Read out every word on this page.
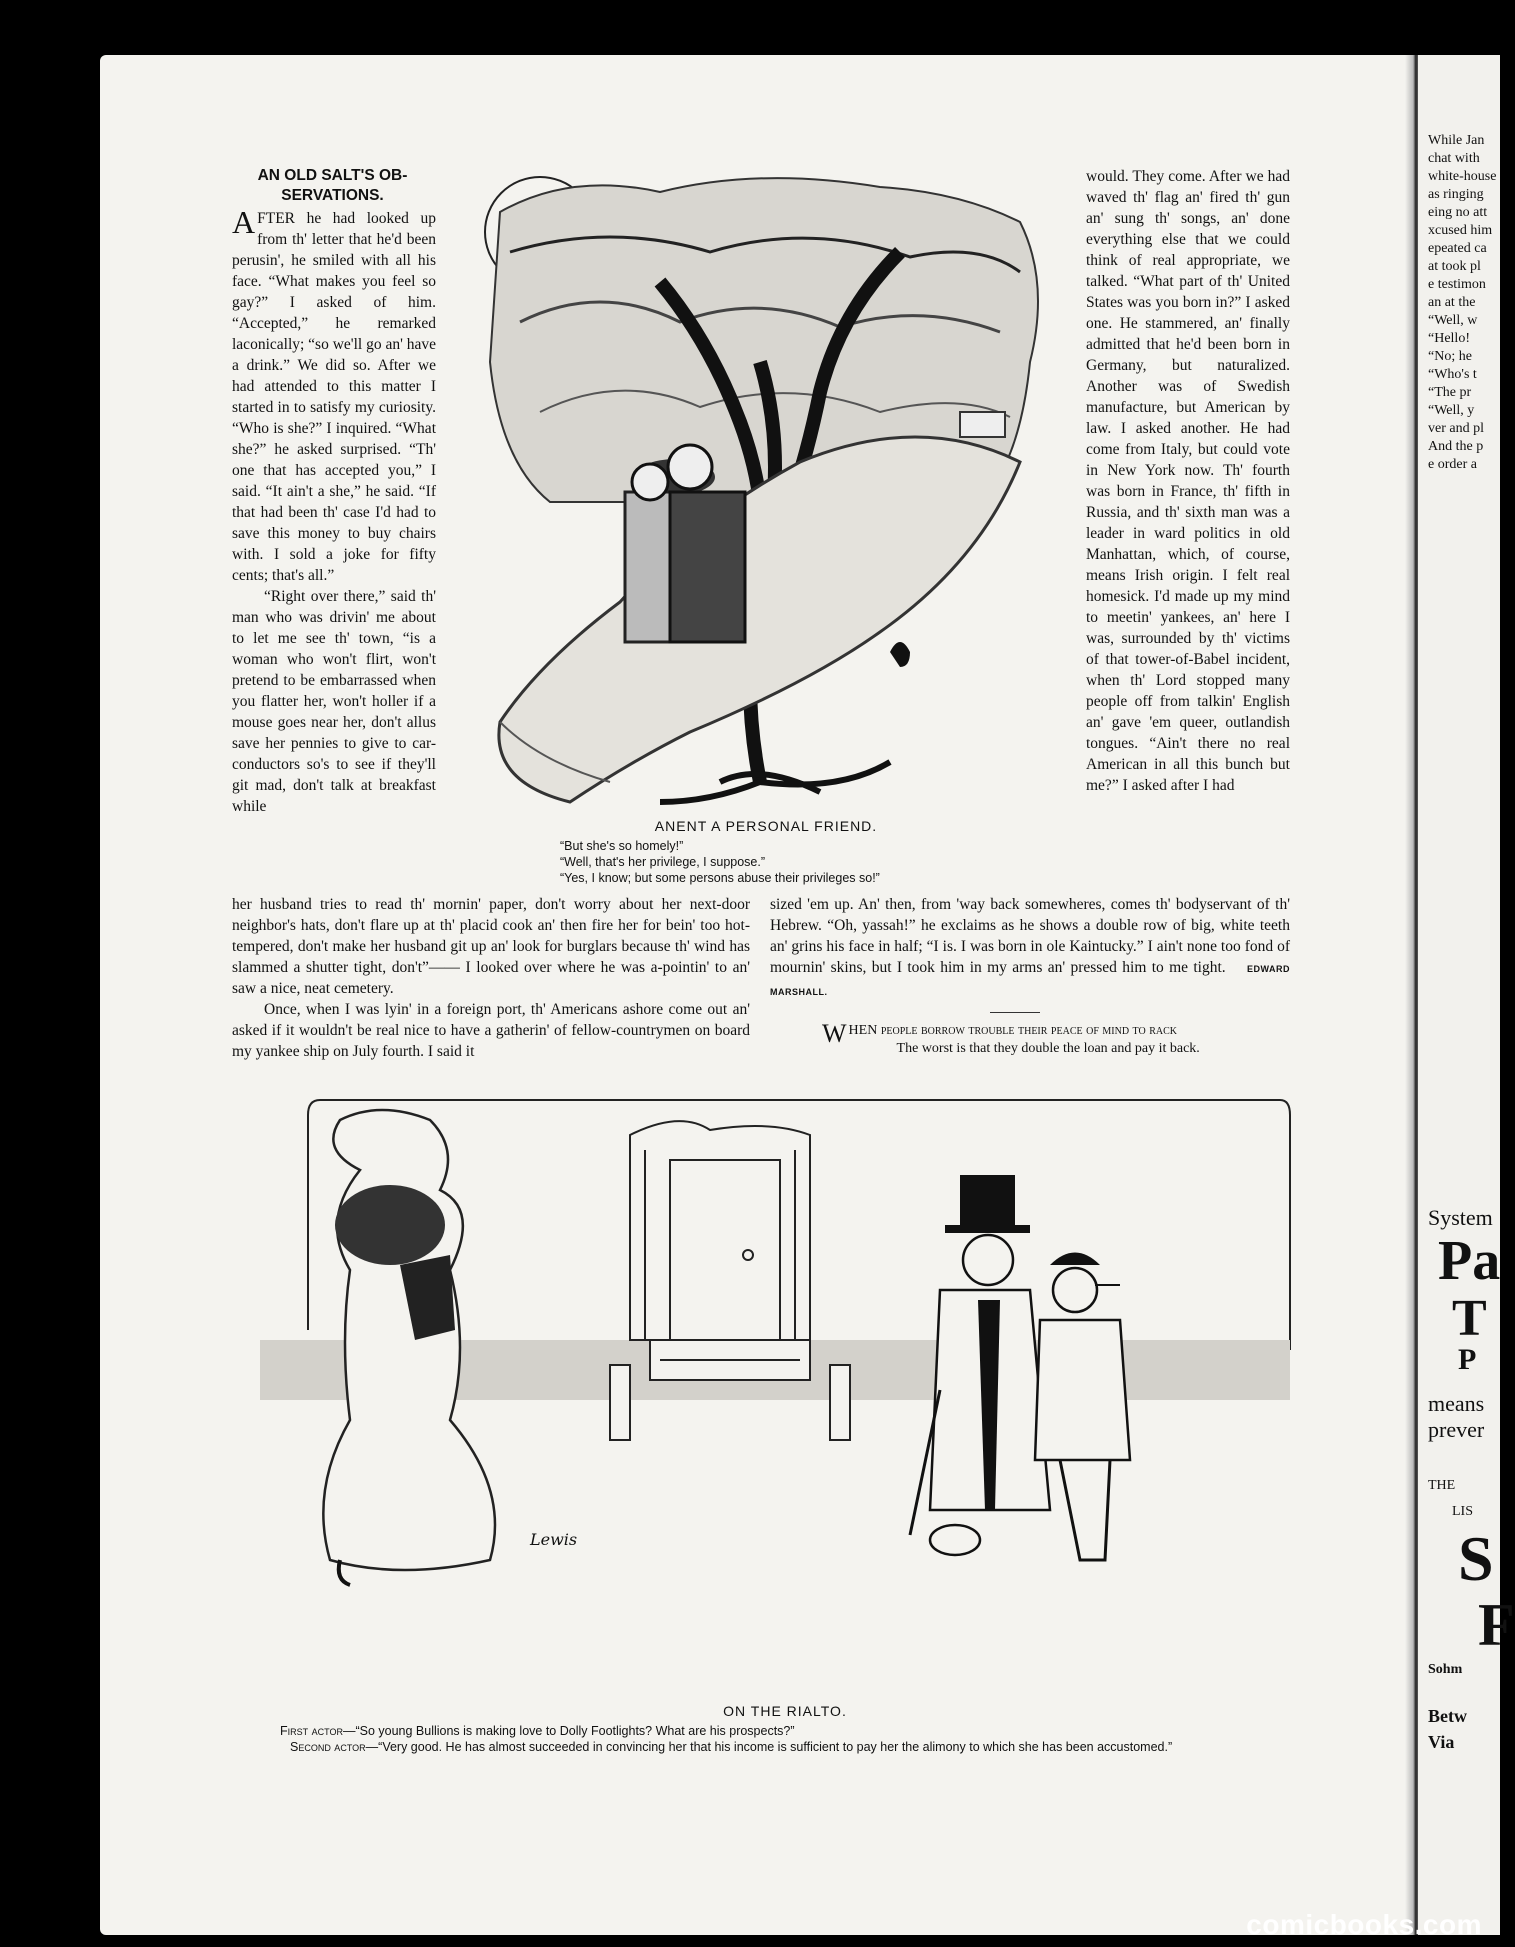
AN OLD SALT'S OB-
SERVATIONS.

AFTER he had looked up from th' letter that he'd been perusin', he smiled with all his face. “What makes you feel so gay?” I asked of him. “Accepted,” he remarked laconically; “so we'll go an' have a drink.” We did so. After we had attended to this matter I started in to satisfy my curiosity. “Who is she?” I inquired. “What she?” he asked surprised. “Th' one that has accepted you,” I said. “It ain't a she,” he said. “If that had been th' case I'd had to save this money to buy chairs with. I sold a joke for fifty cents; that's all.”

“Right over there,” said th' man who was drivin' me about to let me see th' town, “is a woman who won't flirt, won't pretend to be embarrassed when you flatter her, won't holler if a mouse goes near her, don't allus save her pennies to give to car-conductors so's to see if they'll git mad, don't talk at breakfast while

her husband tries to read th' mornin' paper, don't worry about her next-door neighbor's hats, don't flare up at th' placid cook an' then fire her for bein' too hot-tempered, don't make her husband git up an' look for burglars because th' wind has slammed a shutter tight, don't”—— I looked over where he was a-pointin' to an' saw a nice, neat cemetery.

Once, when I was lyin' in a foreign port, th' Americans ashore come out an' asked if it wouldn't be real nice to have a gatherin' of fellow-countrymen on board my yankee ship on July fourth. I said it

would. They come. After we had waved th' flag an' fired th' gun an' sung th' songs, an' done everything else that we could think of real appropriate, we talked. “What part of th' United States was you born in?” I asked one. He stammered, an' finally admitted that he'd been born in Germany, but naturalized. Another was of Swedish manufacture, but American by law. I asked another. He had come from Italy, but could vote in New York now. Th' fourth was born in France, th' fifth in Russia, and th' sixth man was a leader in ward politics in old Manhattan, which, of course, means Irish origin. I felt real homesick. I'd made up my mind to meetin' yankees, an' here I was, surrounded by th' victims of that tower-of-Babel incident, when th' Lord stopped many people off from talkin' English an' gave 'em queer, outlandish tongues. “Ain't there no real American in all this bunch but me?” I asked after I had

sized 'em up. An' then, from 'way back somewheres, comes th' bodyservant of th' Hebrew. “Oh, yassah!” he exclaims as he shows a double row of big, white teeth an' grins his face in half; “I is. I was born in ole Kaintucky.” I ain't none too fond of mournin' skins, but I took him in my arms an' pressed him to me tight. EDWARD MARSHALL.

ANENT A PERSONAL FRIEND.
“But she's so homely!”
“Well, that's her privilege, I suppose.”
“Yes, I know; but some persons abuse their privileges so!”
W HEN people borrow trouble their peace of mind to rack
The worst is that they double the loan and pay it back.
Lewis
ON THE RIALTO.
First actor—“So young Bullions is making love to Dolly Footlights? What are his prospects?”
Second actor—“Very good. He has almost succeeded in convincing her that his income is sufficient to pay her the alimony to which she has been accustomed.”
While Jan
chat with
white-house
as ringing
eing no att
xcused him
epeated ca
at took pl
e testimon
an at the
“Well, w
“Hello!
“No; he
“Who's t
“The pr
“Well, y
ver and pl
And the p
e order a
System
Pa
T
P
means
prever
THE
LIS
S
F
Sohm
Betw
Via
comicbooks.com
